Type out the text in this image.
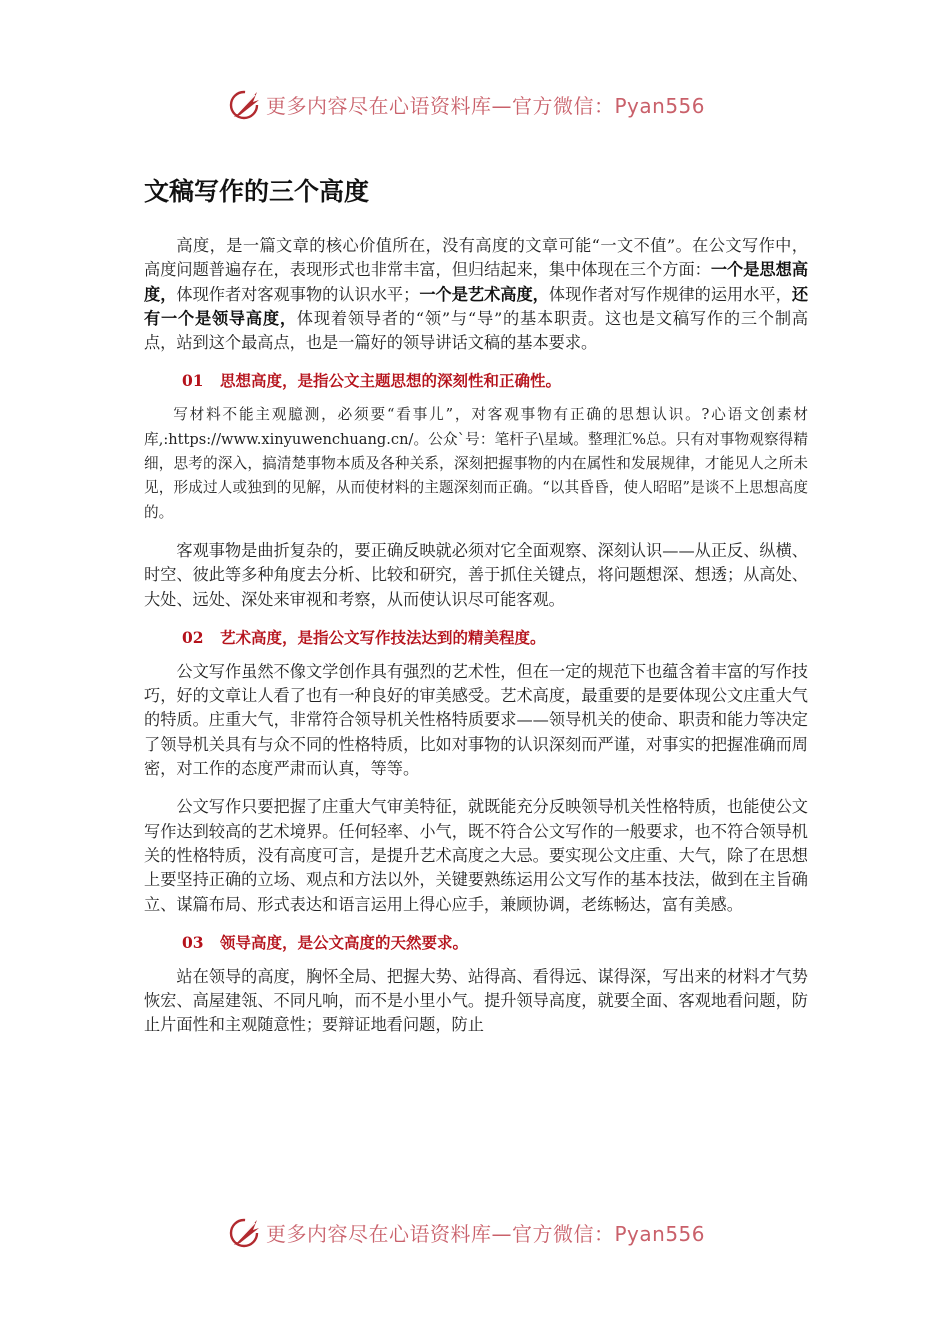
更多内容尽在心语资料库—官方微信：Pyan556
文稿写作的三个高度

高度，是一篇文章的核心价值所在，没有高度的文章可能“一文不值”。在公文写作中，高度问题普遍存在，表现形式也非常丰富，但归结起来，集中体现在三个方面：一个是思想高度，体现作者对客观事物的认识水平；一个是艺术高度，体现作者对写作规律的运用水平，还有一个是领导高度，体现着领导者的“领”与“导”的基本职责。这也是文稿写作的三个制高点，站到这个最高点，也是一篇好的领导讲话文稿的基本要求。

01 思想高度，是指公文主题思想的深刻性和正确性。

写材料不能主观臆测，必须要“看事儿”，对客观事物有正确的思想认识。?心语文创素材库,:https://www.xinyuwenchuang.cn/。公众`号：笔杆子\星域。整理汇%总。只有对事物观察得精细，思考的深入，搞清楚事物本质及各种关系，深刻把握事物的内在属性和发展规律，才能见人之所未见，形成过人或独到的见解，从而使材料的主题深刻而正确。“以其昏昏，使人昭昭”是谈不上思想高度的。

客观事物是曲折复杂的，要正确反映就必须对它全面观察、深刻认识——从正反、纵横、时空、彼此等多种角度去分析、比较和研究，善于抓住关键点，将问题想深、想透；从高处、大处、远处、深处来审视和考察，从而使认识尽可能客观。

02 艺术高度，是指公文写作技法达到的精美程度。

公文写作虽然不像文学创作具有强烈的艺术性，但在一定的规范下也蕴含着丰富的写作技巧，好的文章让人看了也有一种良好的审美感受。艺术高度，最重要的是要体现公文庄重大气的特质。庄重大气，非常符合领导机关性格特质要求——领导机关的使命、职责和能力等决定了领导机关具有与众不同的性格特质，比如对事物的认识深刻而严谨，对事实的把握准确而周密，对工作的态度严肃而认真，等等。

公文写作只要把握了庄重大气审美特征，就既能充分反映领导机关性格特质，也能使公文写作达到较高的艺术境界。任何轻率、小气，既不符合公文写作的一般要求，也不符合领导机关的性格特质，没有高度可言，是提升艺术高度之大忌。要实现公文庄重、大气，除了在思想上要坚持正确的立场、观点和方法以外，关键要熟练运用公文写作的基本技法，做到在主旨确立、谋篇布局、形式表达和语言运用上得心应手，兼顾协调，老练畅达，富有美感。

03 领导高度，是公文高度的天然要求。

站在领导的高度，胸怀全局、把握大势、站得高、看得远、谋得深，写出来的材料才气势恢宏、高屋建瓴、不同凡响，而不是小里小气。提升领导高度，就要全面、客观地看问题，防止片面性和主观随意性；要辩证地看问题，防止

更多内容尽在心语资料库—官方微信：Pyan556
